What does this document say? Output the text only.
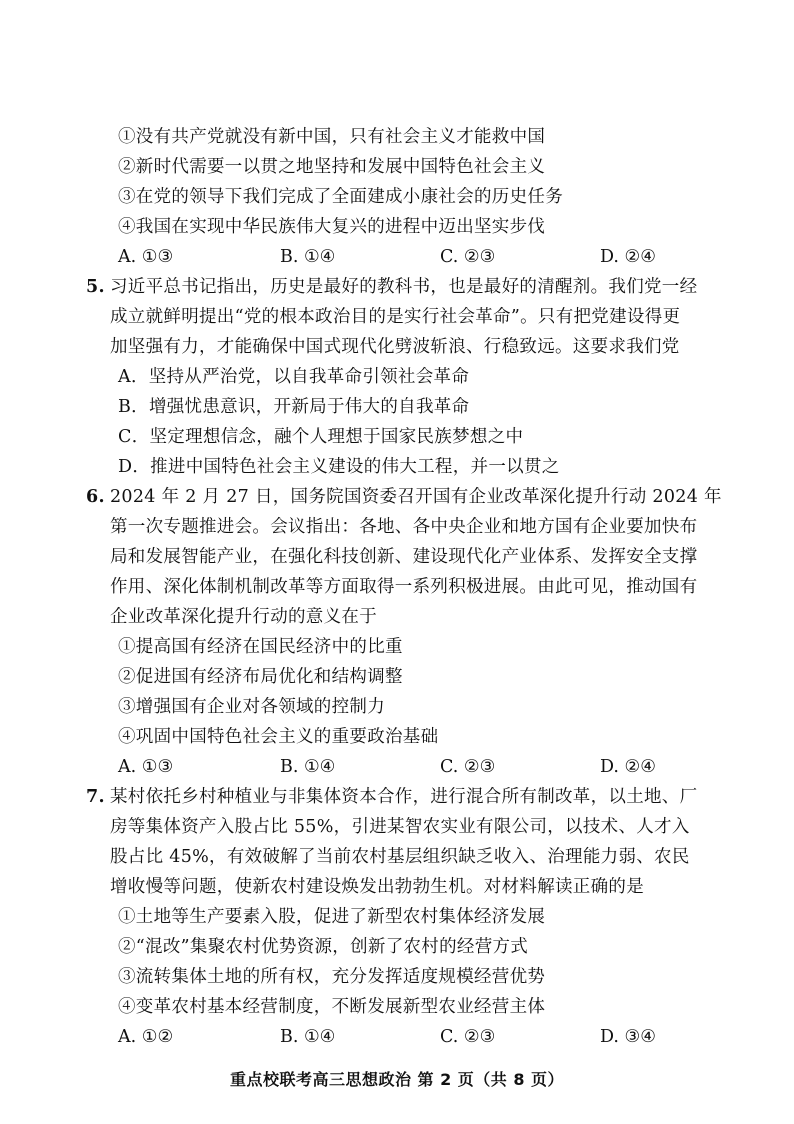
①没有共产党就没有新中国，只有社会主义才能救中国
②新时代需要一以贯之地坚持和发展中国特色社会主义
③在党的领导下我们完成了全面建成小康社会的历史任务
④我国在实现中华民族伟大复兴的进程中迈出坚实步伐
A. ①③	B. ①④	C. ②③	D. ②④
5. 习近平总书记指出，历史是最好的教科书，也是最好的清醒剂。我们党一经
成立就鲜明提出“党的根本政治目的是实行社会革命”。只有把党建设得更
加坚强有力，才能确保中国式现代化劈波斩浪、行稳致远。这要求我们党
A．坚持从严治党，以自我革命引领社会革命
B．增强忧患意识，开新局于伟大的自我革命
C．坚定理想信念，融个人理想于国家民族梦想之中
D．推进中国特色社会主义建设的伟大工程，并一以贯之
6. 2024 年 2 月 27 日，国务院国资委召开国有企业改革深化提升行动 2024 年
第一次专题推进会。会议指出：各地、各中央企业和地方国有企业要加快布
局和发展智能产业，在强化科技创新、建设现代化产业体系、发挥安全支撑
作用、深化体制机制改革等方面取得一系列积极进展。由此可见，推动国有
企业改革深化提升行动的意义在于
①提高国有经济在国民经济中的比重
②促进国有经济布局优化和结构调整
③增强国有企业对各领域的控制力
④巩固中国特色社会主义的重要政治基础
A. ①③	B. ①④	C. ②③	D. ②④
7. 某村依托乡村种植业与非集体资本合作，进行混合所有制改革，以土地、厂
房等集体资产入股占比 55%，引进某智农实业有限公司，以技术、人才入
股占比 45%，有效破解了当前农村基层组织缺乏收入、治理能力弱、农民
增收慢等问题，使新农村建设焕发出勃勃生机。对材料解读正确的是
①土地等生产要素入股，促进了新型农村集体经济发展
②“混改”集聚农村优势资源，创新了农村的经营方式
③流转集体土地的所有权，充分发挥适度规模经营优势
④变革农村基本经营制度，不断发展新型农业经营主体
A. ①②	B. ①④	C. ②③	D. ③④
重点校联考高三思想政治 第 2 页（共 8 页）
